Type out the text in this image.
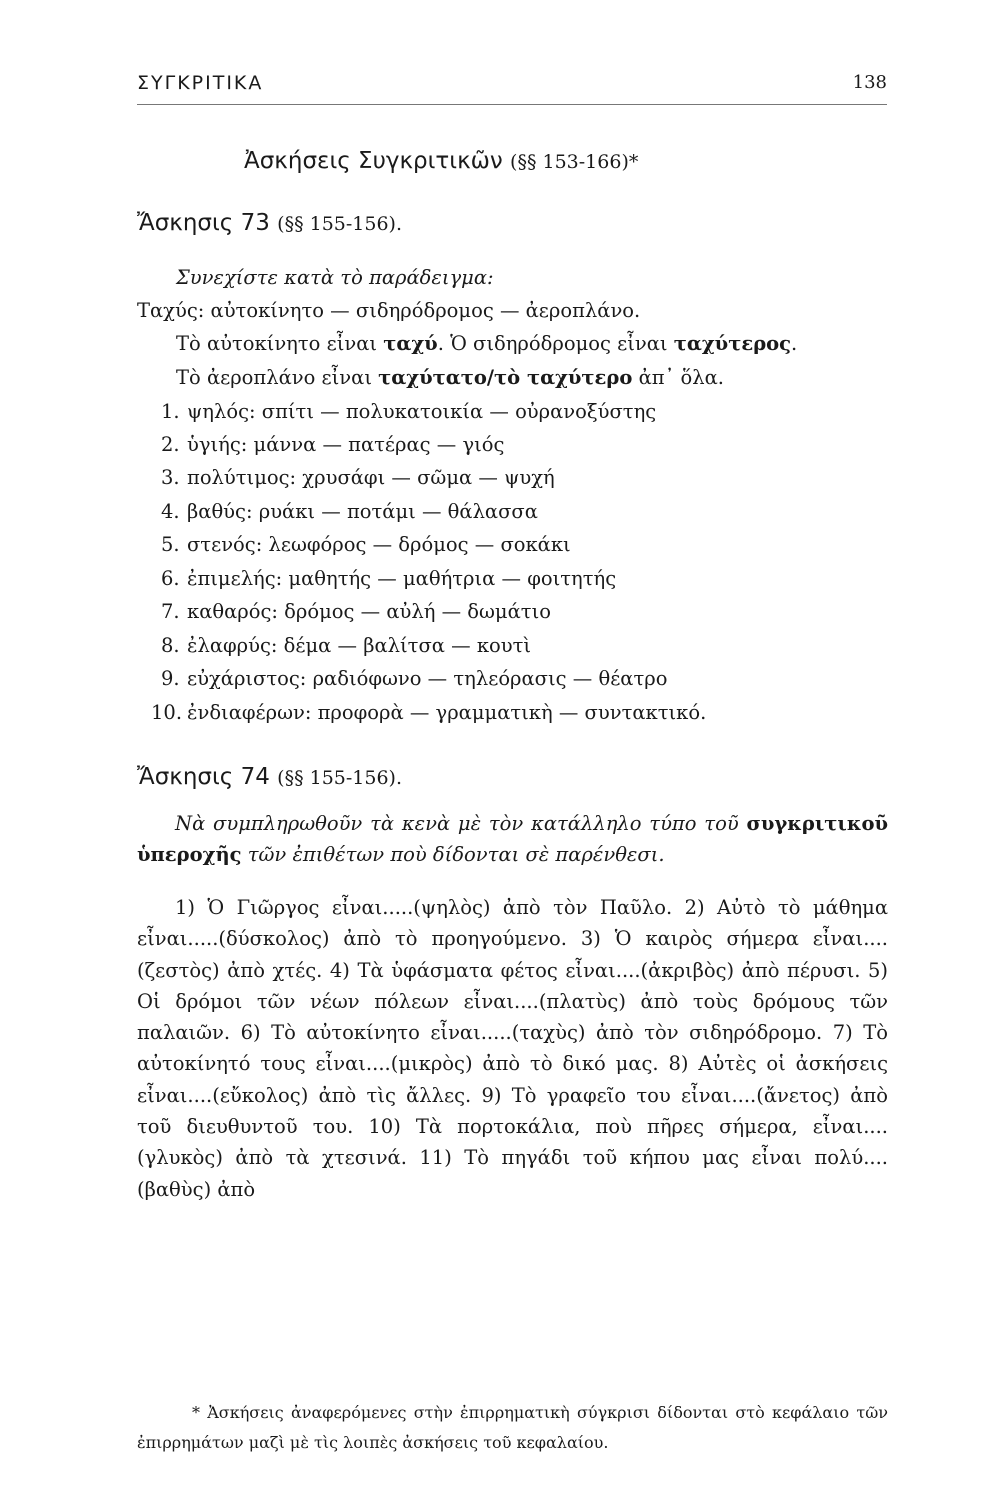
ΣΥΓΚΡΙΤΙΚΑ	138
Ἀσκήσεις Συγκριτικῶν (§§ 153-166)*
Ἄσκησις 73 (§§ 155-156).
Συνεχίστε κατὰ τὸ παράδειγμα:
Ταχύς: αὐτοκίνητο — σιδηρόδρομος — ἀεροπλάνο.
Τὸ αὐτοκίνητο εἶναι ταχύ. Ὁ σιδηρόδρομος εἶναι ταχύτερος.
Τὸ ἀεροπλάνο εἶναι ταχύτατο/τὸ ταχύτερο ἀπ᾽ ὅλα.
1. ψηλός: σπίτι — πολυκατοικία — οὐρανοξύστης
2. ὑγιής: μάννα — πατέρας — γιός
3. πολύτιμος: χρυσάφι — σῶμα — ψυχή
4. βαθύς: ρυάκι — ποτάμι — θάλασσα
5. στενός: λεωφόρος — δρόμος — σοκάκι
6. ἐπιμελής: μαθητής — μαθήτρια — φοιτητής
7. καθαρός: δρόμος — αὐλή — δωμάτιο
8. ἐλαφρύς: δέμα — βαλίτσα — κουτὶ
9. εὐχάριστος: ραδιόφωνο — τηλεόρασις — θέατρο
10. ἐνδιαφέρων: προφορὰ — γραμματικὴ — συντακτικό.
Ἄσκησις 74 (§§ 155-156).
Νὰ συμπληρωθοῦν τὰ κενὰ μὲ τὸν κατάλληλο τύπο τοῦ συγκριτικοῦ ὑπεροχῆς τῶν ἐπιθέτων ποὺ δίδονται σὲ παρένθεσι.
1) Ὁ Γιῶργος εἶναι.....(ψηλὸς) ἀπὸ τὸν Παῦλο. 2) Αὐτὸ τὸ μάθημα εἶναι.....(δύσκολος) ἀπὸ τὸ προηγούμενο. 3) Ὁ καιρὸς σήμερα εἶναι....(ζεστὸς) ἀπὸ χτές. 4) Τὰ ὑφάσματα φέτος εἶναι....(ἀκριβὸς) ἀπὸ πέρυσι. 5) Οἱ δρόμοι τῶν νέων πόλεων εἶναι....(πλατὺς) ἀπὸ τοὺς δρόμους τῶν παλαιῶν. 6) Τὸ αὐτοκίνητο εἶναι.....(ταχὺς) ἀπὸ τὸν σιδηρόδρομο. 7) Τὸ αὐτοκίνητό τους εἶναι....(μικρὸς) ἀπὸ τὸ δικό μας. 8) Αὐτὲς οἱ ἀσκήσεις εἶναι....(εὔκολος) ἀπὸ τὶς ἄλλες. 9) Τὸ γραφεῖο του εἶναι....(ἄνετος) ἀπὸ τοῦ διευθυντοῦ του. 10) Τὰ πορτοκάλια, ποὺ πῆρες σήμερα, εἶναι....(γλυκὸς) ἀπὸ τὰ χτεσινά. 11) Τὸ πηγάδι τοῦ κήπου μας εἶναι πολύ....(βαθὺς) ἀπὸ
* Ἀσκήσεις ἀναφερόμενες στὴν ἐπιρρηματικὴ σύγκρισι δίδονται στὸ κεφάλαιο τῶν ἐπιρρημάτων μαζὶ μὲ τὶς λοιπὲς ἀσκήσεις τοῦ κεφαλαίου.
